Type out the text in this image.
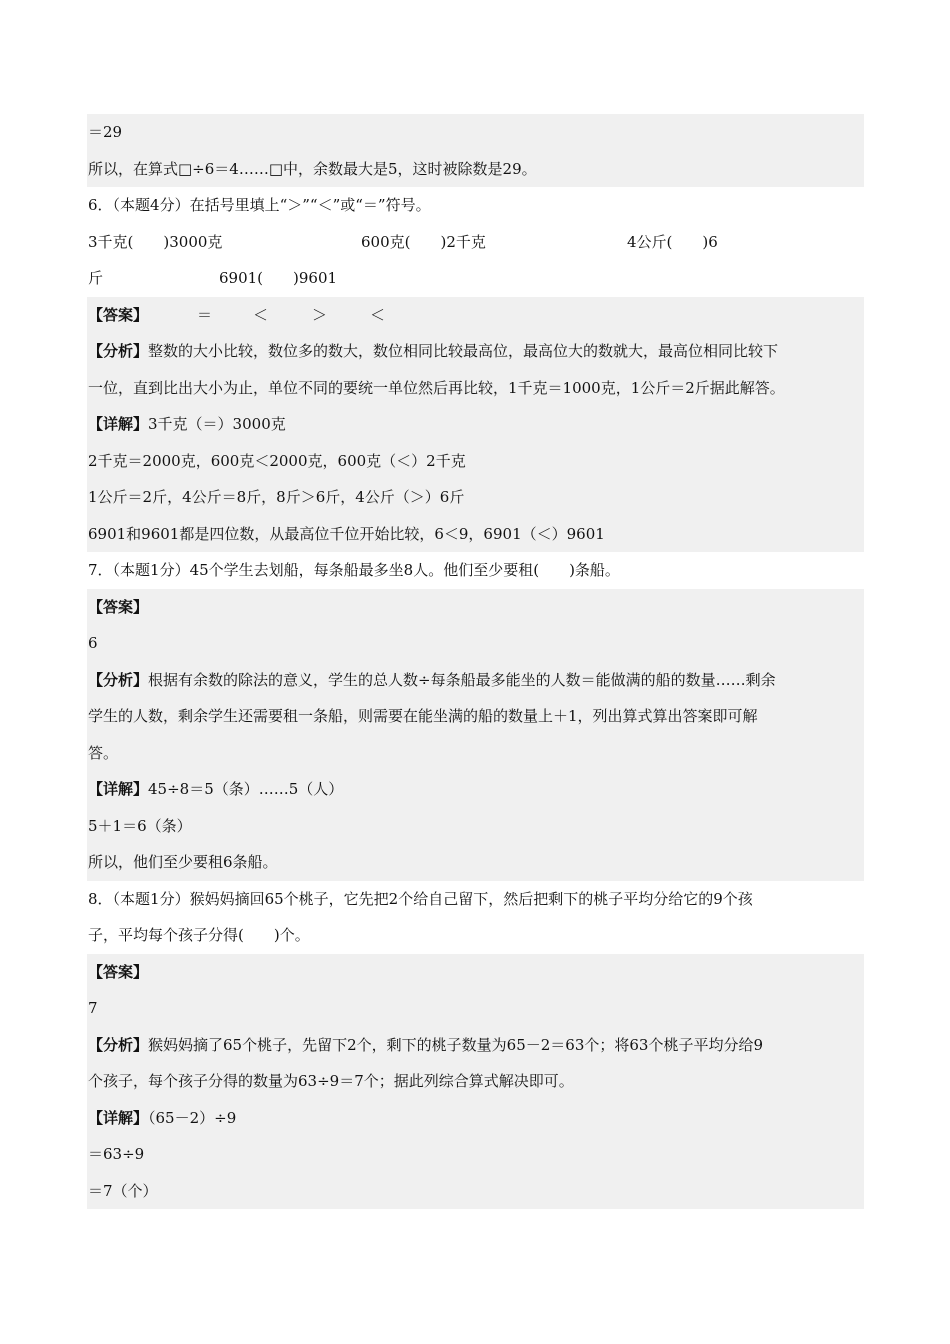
＝29
所以，在算式□÷6＝4……□中，余数最大是5，这时被除数是29。
6．（本题4分）在括号里填上“＞”“＜”或“＝”符号。
3千克(　　)3000克	600克(　　)2千克	4公斤(　　)6
斤	6901(　　)9601
【答案】	＝	＜	＞	＜
【分析】整数的大小比较，数位多的数大，数位相同比较最高位，最高位大的数就大，最高位相同比较下
一位，直到比出大小为止，单位不同的要统一单位然后再比较，1千克＝1000克，1公斤＝2斤据此解答。
【详解】3千克（＝）3000克
2千克＝2000克，600克＜2000克，600克（＜）2千克
1公斤＝2斤，4公斤＝8斤，8斤＞6斤，4公斤（＞）6斤
6901和9601都是四位数，从最高位千位开始比较，6＜9，6901（＜）9601
7．（本题1分）45个学生去划船，每条船最多坐8人。他们至少要租(　　)条船。
【答案】
6
【分析】根据有余数的除法的意义，学生的总人数÷每条船最多能坐的人数＝能做满的船的数量……剩余
学生的人数，剩余学生还需要租一条船，则需要在能坐满的船的数量上＋1，列出算式算出答案即可解
答。
【详解】45÷8＝5（条）……5（人）
5＋1＝6（条）
所以，他们至少要租6条船。
8．（本题1分）猴妈妈摘回65个桃子，它先把2个给自己留下，然后把剩下的桃子平均分给它的9个孩
子，平均每个孩子分得(　　)个。
【答案】
7
【分析】猴妈妈摘了65个桃子，先留下2个，剩下的桃子数量为65－2＝63个；将63个桃子平均分给9
个孩子，每个孩子分得的数量为63÷9＝7个；据此列综合算式解决即可。
【详解】（65－2）÷9
＝63÷9
＝7（个）
